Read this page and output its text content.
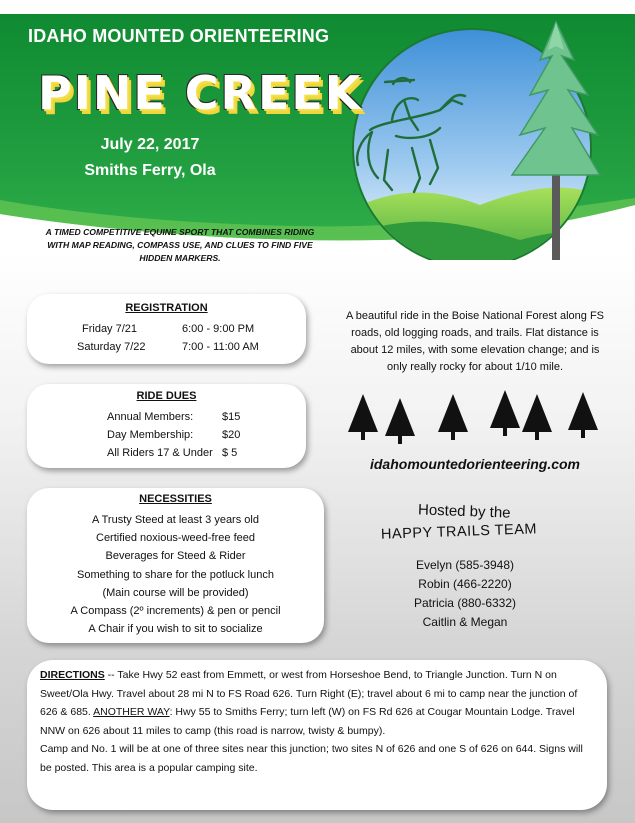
IDAHO MOUNTED ORIENTEERING
PINE CREEK
July 22, 2017
Smiths Ferry, Ola
A TIMED COMPETITIVE EQUINE SPORT THAT COMBINES RIDING WITH MAP READING, COMPASS USE, AND CLUES TO FIND FIVE HIDDEN MARKERS.
REGISTRATION
Friday 7/21	6:00 - 9:00 PM
Saturday 7/22	7:00 - 11:00 AM
RIDE DUES
Annual Members:	$15
Day Membership:	$20
All Riders 17 & Under $ 5
NECESSITIES
A Trusty Steed at least 3 years old
Certified noxious-weed-free feed
Beverages for Steed & Rider
Something to share for the potluck lunch
(Main course will be provided)
A Compass (2º increments) & pen or pencil
A Chair if you wish to sit to socialize
A beautiful ride in the Boise National Forest along FS roads, old logging roads, and trails. Flat distance is about 12 miles, with some elevation change; and is only really rocky for about 1/10 mile.
idahomountedorienteering.com
Hosted by the
HAPPY TRAILS TEAM
Evelyn (585-3948)
Robin (466-2220)
Patricia (880-6332)
Caitlin & Megan
DIRECTIONS -- Take Hwy 52 east from Emmett, or west from Horseshoe Bend, to Triangle Junction. Turn N on Sweet/Ola Hwy. Travel about 28 mi N to FS Road 626. Turn Right (E); travel about 6 mi to camp near the junction of 626 & 685. ANOTHER WAY: Hwy 55 to Smiths Ferry; turn left (W) on FS Rd 626 at Cougar Mountain Lodge. Travel NNW on 626 about 11 miles to camp (this road is narrow, twisty & bumpy).
Camp and No. 1 will be at one of three sites near this junction; two sites N of 626 and one S of 626 on 644. Signs will be posted. This area is a popular camping site.
